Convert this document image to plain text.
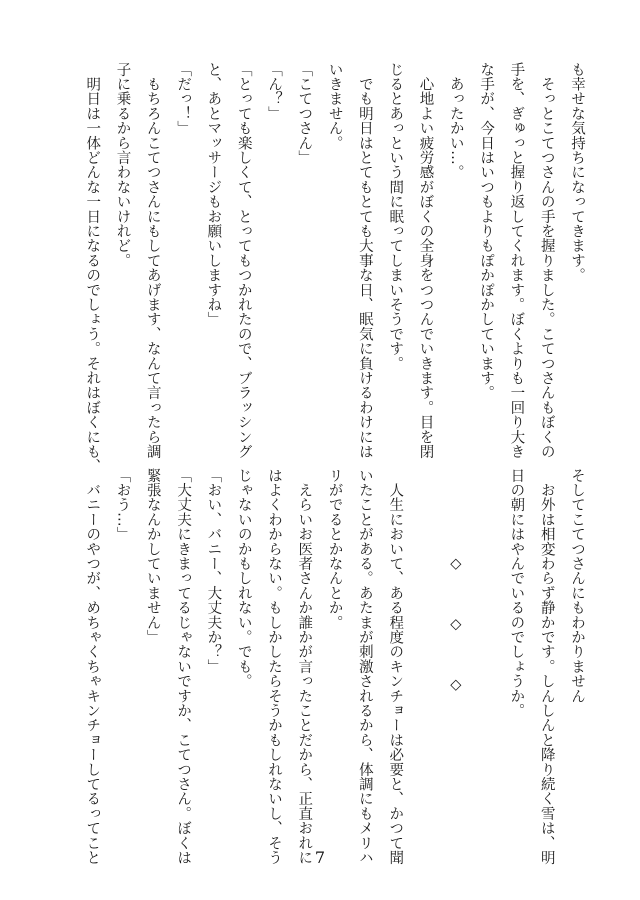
も幸せな気持ちになってきます。
　そっとこてつさんの手を握りました。こてつさんもぼくの
手を、ぎゅっと握り返してくれます。ぼくよりも一回り大き
な手が、今日はいつもよりもぽかぽかしています。
　あったかい…。
　心地よい疲労感がぼくの全身をつつんでいきます。目を閉
じるとあっという間に眠ってしまいそうです。
　でも明日はとてもとても大事な日、眠気に負けるわけには
いきません。
「こてつさん」
「ん？」
「とっても楽しくて、とってもつかれたので、ブラッシング
と、あとマッサージもお願いしますね」
「だっ！」
　もちろんこてつさんにもしてあげます、なんて言ったら調
子に乗るから言わないけれど。
　明日は一体どんな一日になるのでしょう。それはぼくにも、
そしてこてつさんにもわかりません
　お外は相変わらず静かです。しんしんと降り続く雪は、明
日の朝にはやんでいるのでしょうか。

　　　　　　◇　　　◇　　　◇

　人生において、ある程度のキンチョーは必要と、かつて聞
いたことがある。あたまが刺激されるから、体調にもメリハ
リがでるとかなんとか。
　えらいお医者さんか誰かが言ったことだから、正直おれに
はよくわからない。もしかしたらそうかもしれないし、そう
じゃないのかもしれない。でも。
「おい、バニー、大丈夫か？」
「大丈夫にきまってるじゃないですか、こてつさん。ぼくは
緊張なんかしていません」
「おう…」
　バニーのやつが、めちゃくちゃキンチョーしてるってこと	7
